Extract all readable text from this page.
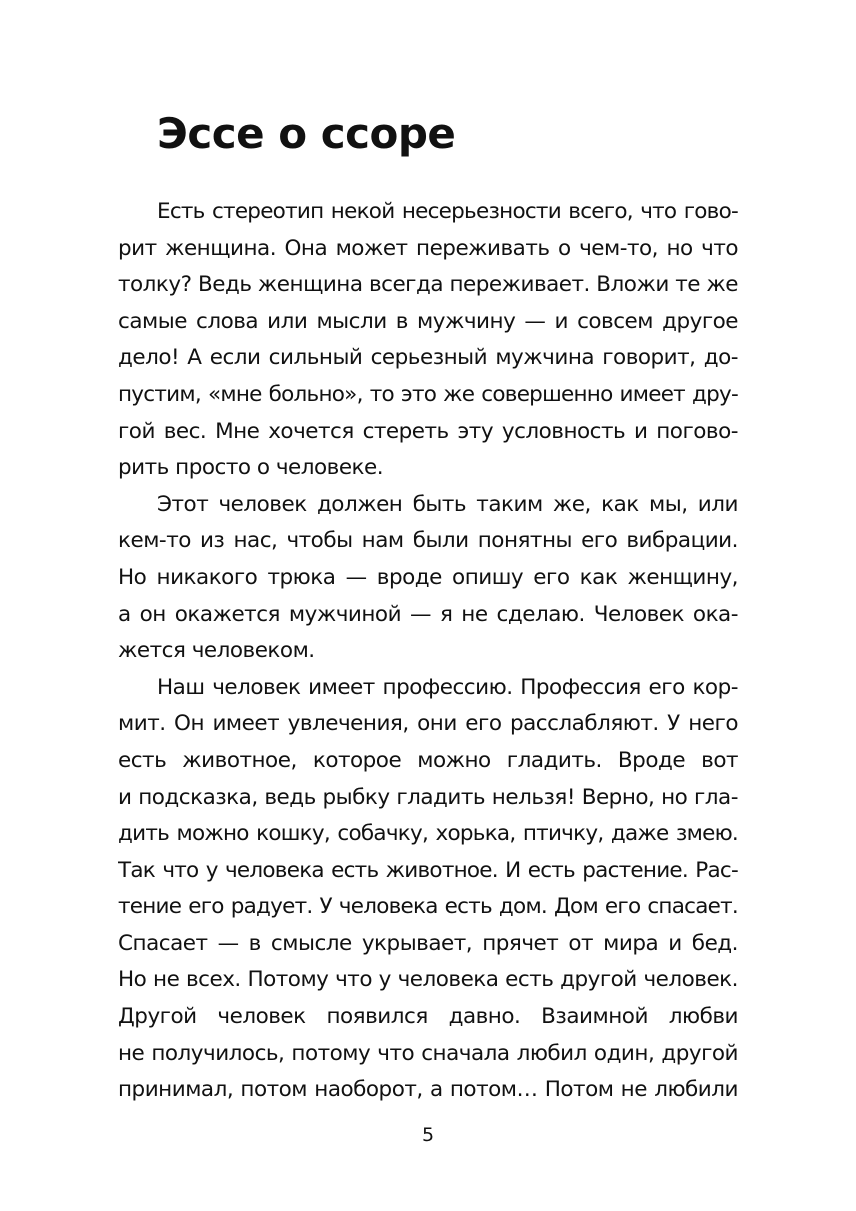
Эссе о ссоре
Есть стереотип некой несерьезности всего, что гово-
рит женщина. Она может переживать о чем-то, но что
толку? Ведь женщина всегда переживает. Вложи те же
самые слова или мысли в мужчину — и совсем другое
дело! А если сильный серьезный мужчина говорит, до-
пустим, «мне больно», то это же совершенно имеет дру-
гой вес. Мне хочется стереть эту условность и погово-
рить просто о человеке.
Этот человек должен быть таким же, как мы, или
кем-то из нас, чтобы нам были понятны его вибрации.
Но никакого трюка — вроде опишу его как женщину,
а он окажется мужчиной — я не сделаю. Человек ока-
жется человеком.
Наш человек имеет профессию. Профессия его кор-
мит. Он имеет увлечения, они его расслабляют. У него
есть животное, которое можно гладить. Вроде вот
и подсказка, ведь рыбку гладить нельзя! Верно, но гла-
дить можно кошку, собачку, хорька, птичку, даже змею.
Так что у человека есть животное. И есть растение. Рас-
тение его радует. У человека есть дом. Дом его спасает.
Спасает — в смысле укрывает, прячет от мира и бед.
Но не всех. Потому что у человека есть другой человек.
Другой человек появился давно. Взаимной любви
не получилось, потому что сначала любил один, другой
принимал, потом наоборот, а потом… Потом не любили
5
